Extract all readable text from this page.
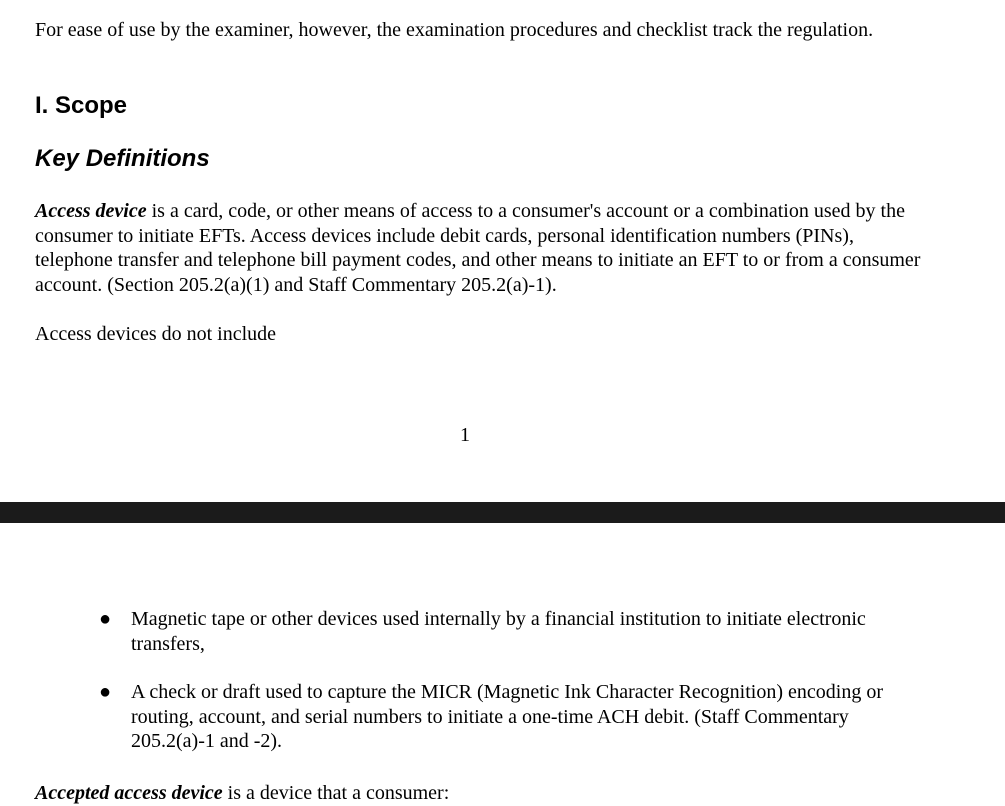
For ease of use by the examiner, however, the examination procedures and checklist track the regulation.

I. Scope
Key Definitions

Access device is a card, code, or other means of access to a consumer's account or a combination used by the consumer to initiate EFTs. Access devices include debit cards, personal identification numbers (PINs), telephone transfer and telephone bill payment codes, and other means to initiate an EFT to or from a consumer account. (Section 205.2(a)(1) and Staff Commentary 205.2(a)-1).

Access devices do not include

1
● Magnetic tape or other devices used internally by a financial institution to initiate electronic transfers,
● A check or draft used to capture the MICR (Magnetic Ink Character Recognition) encoding or routing, account, and serial numbers to initiate a one-time ACH debit. (Staff Commentary 205.2(a)-1 and -2).

Accepted access device is a device that a consumer:
